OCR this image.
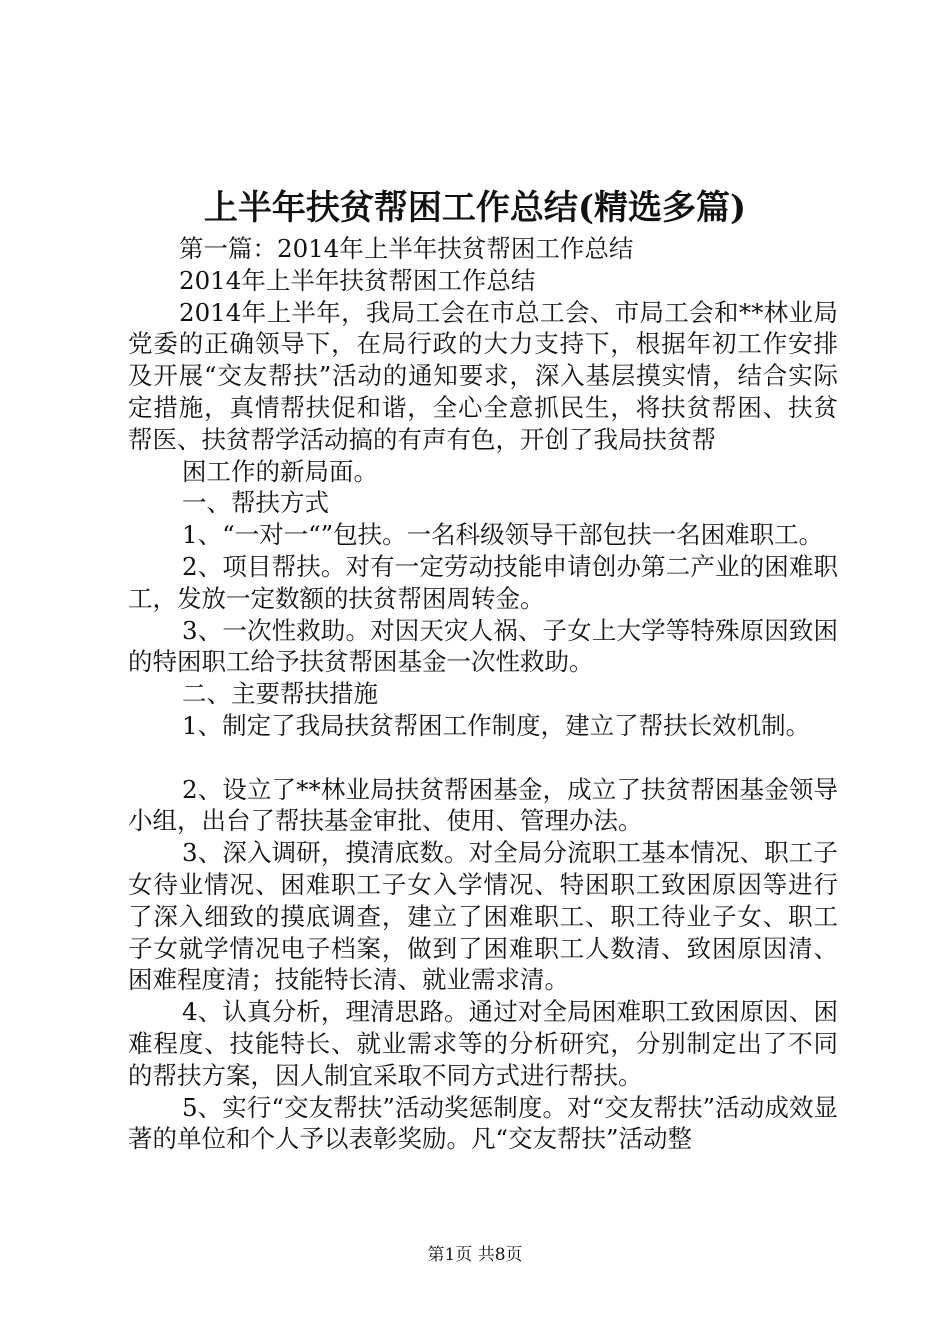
上半年扶贫帮困工作总结(精选多篇)

第一篇：2014年上半年扶贫帮困工作总结

2014年上半年扶贫帮困工作总结

2014年上半年，我局工会在市总工会、市局工会和**林业局党委的正确领导下，在局行政的大力支持下，根据年初工作安排及开展“交友帮扶”活动的通知要求，深入基层摸实情，结合实际定措施，真情帮扶促和谐，全心全意抓民生，将扶贫帮困、扶贫帮医、扶贫帮学活动搞的有声有色，开创了我局扶贫帮

困工作的新局面。

一、帮扶方式

1、“一对一“”包扶。一名科级领导干部包扶一名困难职工。

2、项目帮扶。对有一定劳动技能申请创办第二产业的困难职工，发放一定数额的扶贫帮困周转金。

3、一次性救助。对因天灾人祸、子女上大学等特殊原因致困的特困职工给予扶贫帮困基金一次性救助。

二、主要帮扶措施

1、制定了我局扶贫帮困工作制度，建立了帮扶长效机制。

2、设立了**林业局扶贫帮困基金，成立了扶贫帮困基金领导小组，出台了帮扶基金审批、使用、管理办法。

3、深入调研，摸清底数。对全局分流职工基本情况、职工子女待业情况、困难职工子女入学情况、特困职工致困原因等进行了深入细致的摸底调查，建立了困难职工、职工待业子女、职工子女就学情况电子档案，做到了困难职工人数清、致困原因清、困难程度清；技能特长清、就业需求清。

4、认真分析，理清思路。通过对全局困难职工致困原因、困难程度、技能特长、就业需求等的分析研究，分别制定出了不同的帮扶方案，因人制宜采取不同方式进行帮扶。

5、实行“交友帮扶”活动奖惩制度。对“交友帮扶”活动成效显著的单位和个人予以表彰奖励。凡“交友帮扶”活动整

第1页 共8页
